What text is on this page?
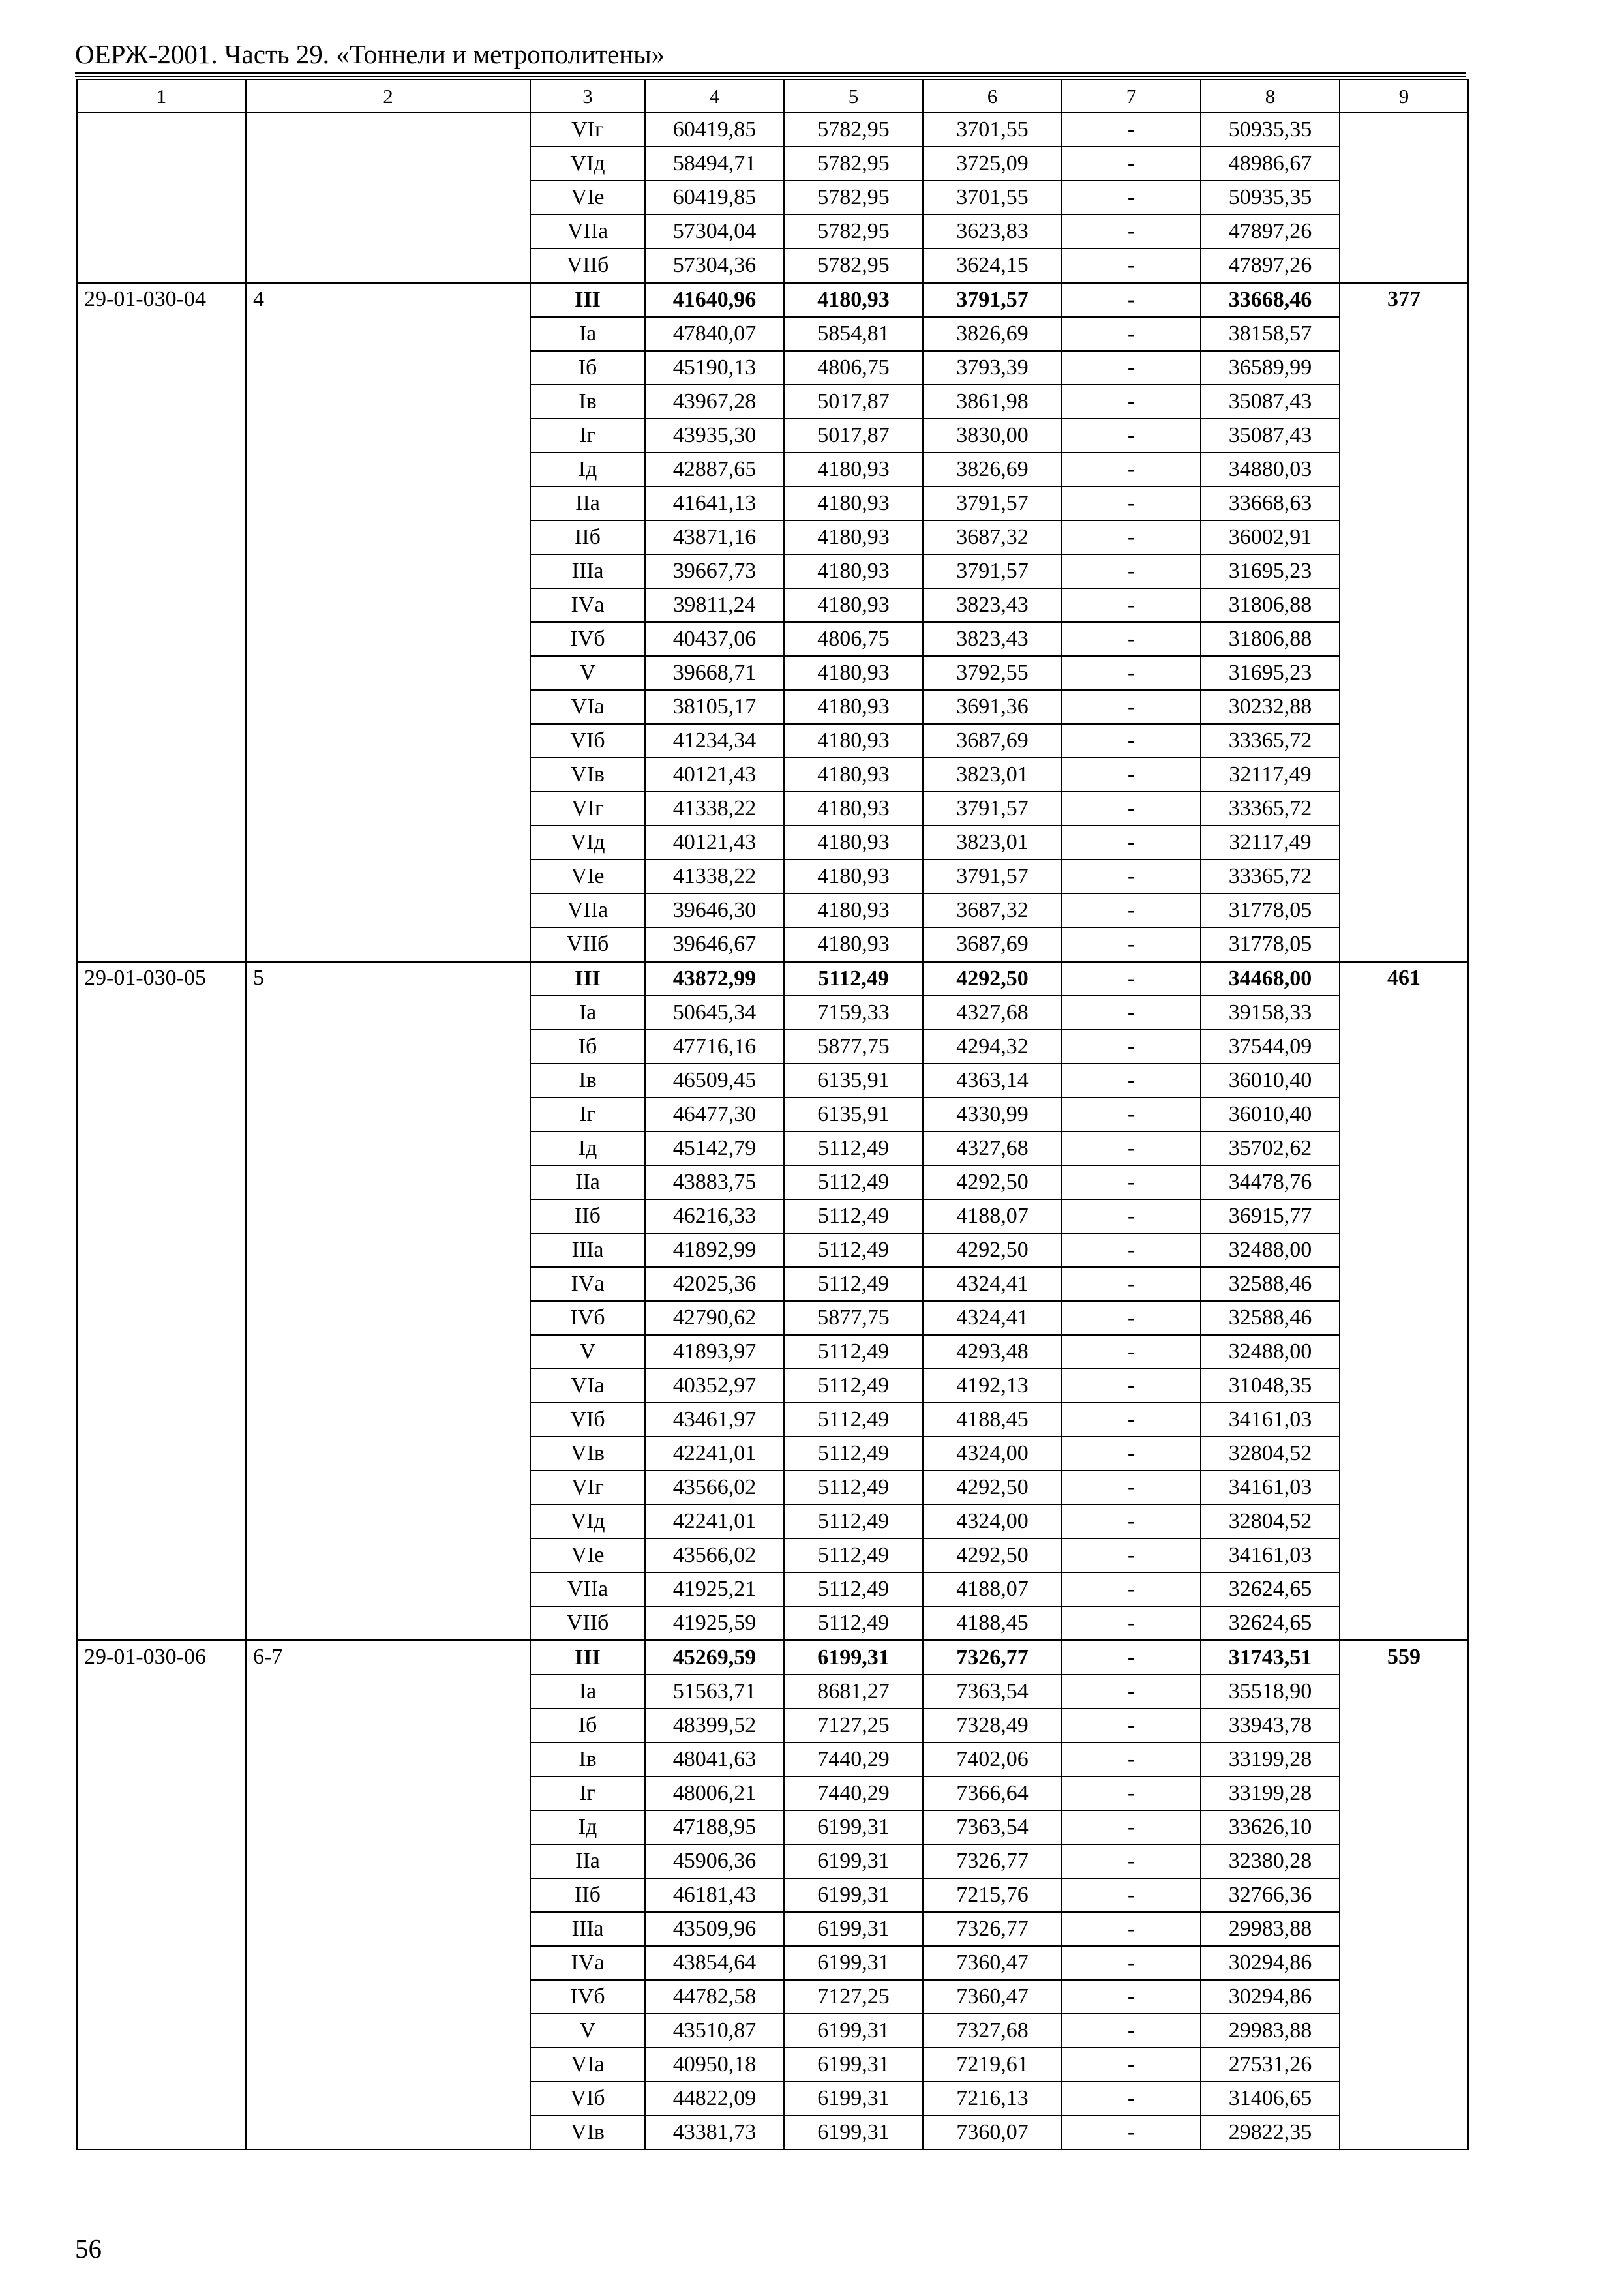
ОЕРЖ-2001. Часть 29. «Тоннели и метрополитены»
1	2	3	4	5	6	7	8	9
		VIг	60419,85	5782,95	3701,55	-	50935,35	
		VIд	58494,71	5782,95	3725,09	-	48986,67	
		VIе	60419,85	5782,95	3701,55	-	50935,35	
		VIIа	57304,04	5782,95	3623,83	-	47897,26	
		VIIб	57304,36	5782,95	3624,15	-	47897,26	
29-01-030-04	4	III	41640,96	4180,93	3791,57	-	33668,46	377
		Iа	47840,07	5854,81	3826,69	-	38158,57	
		Iб	45190,13	4806,75	3793,39	-	36589,99	
		Iв	43967,28	5017,87	3861,98	-	35087,43	
		Iг	43935,30	5017,87	3830,00	-	35087,43	
		Iд	42887,65	4180,93	3826,69	-	34880,03	
		IIа	41641,13	4180,93	3791,57	-	33668,63	
		IIб	43871,16	4180,93	3687,32	-	36002,91	
		IIIа	39667,73	4180,93	3791,57	-	31695,23	
		IVа	39811,24	4180,93	3823,43	-	31806,88	
		IVб	40437,06	4806,75	3823,43	-	31806,88	
		V	39668,71	4180,93	3792,55	-	31695,23	
		VIа	38105,17	4180,93	3691,36	-	30232,88	
		VIб	41234,34	4180,93	3687,69	-	33365,72	
		VIв	40121,43	4180,93	3823,01	-	32117,49	
		VIг	41338,22	4180,93	3791,57	-	33365,72	
		VIд	40121,43	4180,93	3823,01	-	32117,49	
		VIе	41338,22	4180,93	3791,57	-	33365,72	
		VIIа	39646,30	4180,93	3687,32	-	31778,05	
		VIIб	39646,67	4180,93	3687,69	-	31778,05	
29-01-030-05	5	III	43872,99	5112,49	4292,50	-	34468,00	461
		Iа	50645,34	7159,33	4327,68	-	39158,33	
		Iб	47716,16	5877,75	4294,32	-	37544,09	
		Iв	46509,45	6135,91	4363,14	-	36010,40	
		Iг	46477,30	6135,91	4330,99	-	36010,40	
		Iд	45142,79	5112,49	4327,68	-	35702,62	
		IIа	43883,75	5112,49	4292,50	-	34478,76	
		IIб	46216,33	5112,49	4188,07	-	36915,77	
		IIIа	41892,99	5112,49	4292,50	-	32488,00	
		IVа	42025,36	5112,49	4324,41	-	32588,46	
		IVб	42790,62	5877,75	4324,41	-	32588,46	
		V	41893,97	5112,49	4293,48	-	32488,00	
		VIа	40352,97	5112,49	4192,13	-	31048,35	
		VIб	43461,97	5112,49	4188,45	-	34161,03	
		VIв	42241,01	5112,49	4324,00	-	32804,52	
		VIг	43566,02	5112,49	4292,50	-	34161,03	
		VIд	42241,01	5112,49	4324,00	-	32804,52	
		VIе	43566,02	5112,49	4292,50	-	34161,03	
		VIIа	41925,21	5112,49	4188,07	-	32624,65	
		VIIб	41925,59	5112,49	4188,45	-	32624,65	
29-01-030-06	6-7	III	45269,59	6199,31	7326,77	-	31743,51	559
		Iа	51563,71	8681,27	7363,54	-	35518,90	
		Iб	48399,52	7127,25	7328,49	-	33943,78	
		Iв	48041,63	7440,29	7402,06	-	33199,28	
		Iг	48006,21	7440,29	7366,64	-	33199,28	
		Iд	47188,95	6199,31	7363,54	-	33626,10	
		IIа	45906,36	6199,31	7326,77	-	32380,28	
		IIб	46181,43	6199,31	7215,76	-	32766,36	
		IIIа	43509,96	6199,31	7326,77	-	29983,88	
		IVа	43854,64	6199,31	7360,47	-	30294,86	
		IVб	44782,58	7127,25	7360,47	-	30294,86	
		V	43510,87	6199,31	7327,68	-	29983,88	
		VIа	40950,18	6199,31	7219,61	-	27531,26	
		VIб	44822,09	6199,31	7216,13	-	31406,65	
		VIв	43381,73	6199,31	7360,07	-	29822,35	
56
